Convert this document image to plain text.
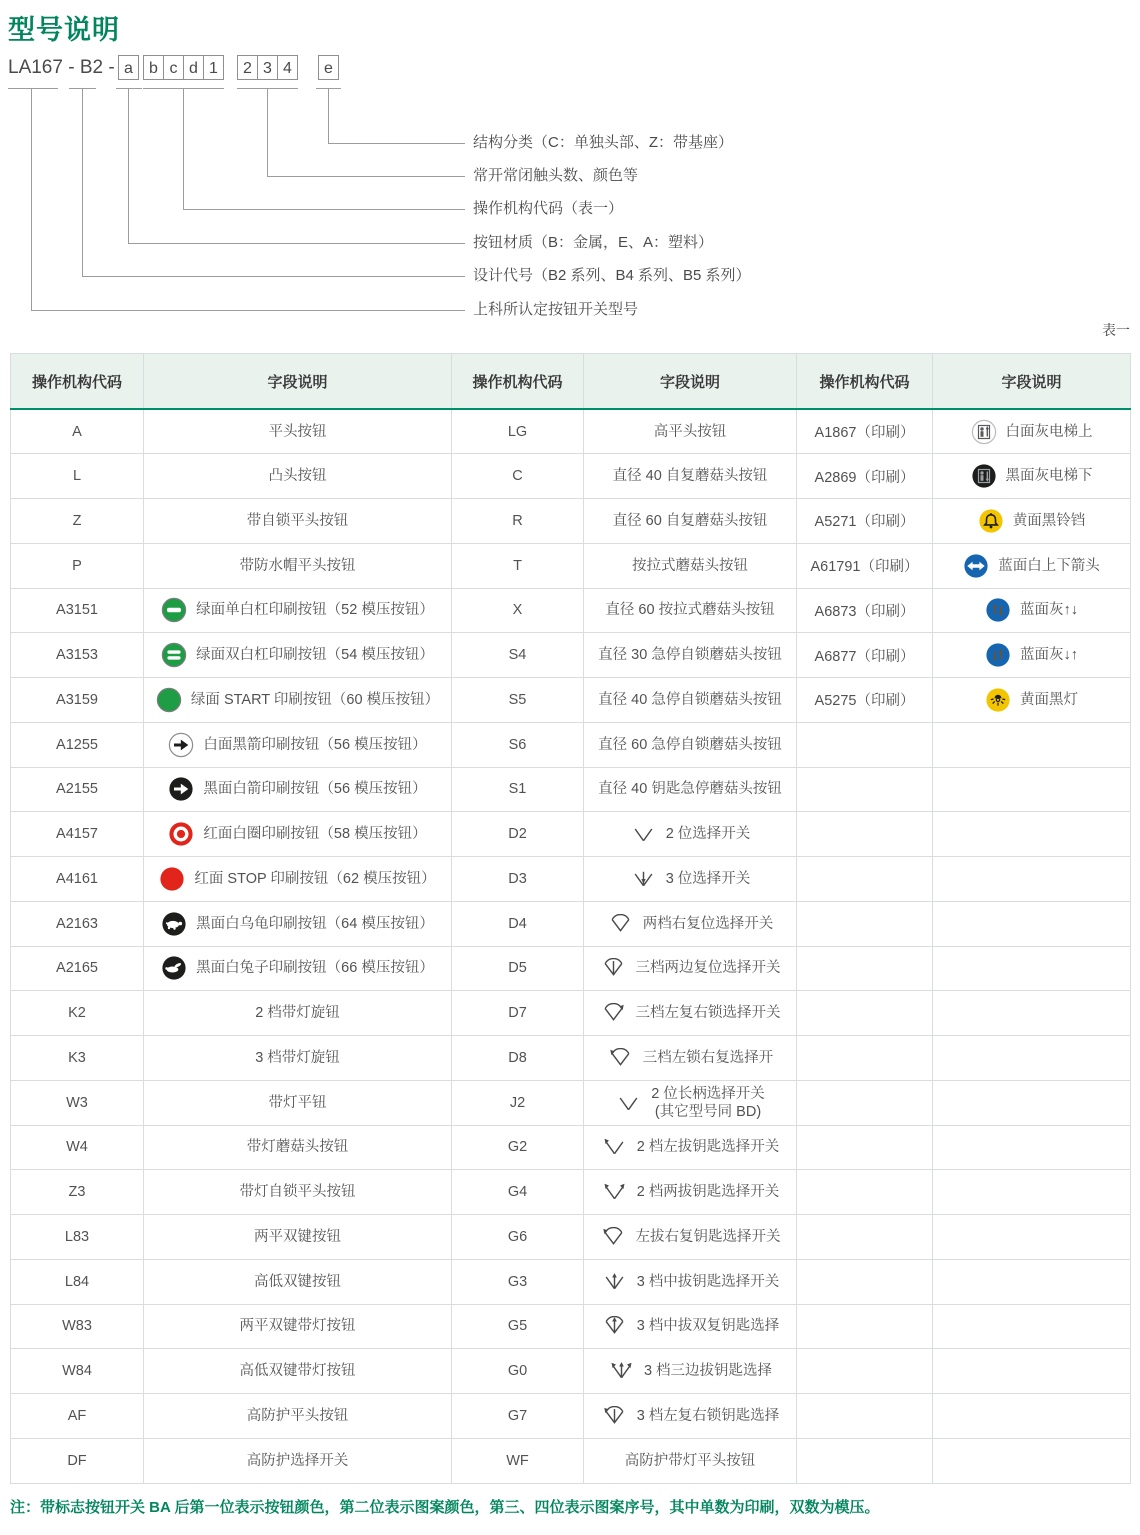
型号说明
LA167 - B2 - a	b c d 1	2 3 4	e
结构分类（C：单独头部、Z：带基座）
常开常闭触头数、颜色等
操作机构代码（表一）
按钮材质（B：金属，E、A：塑料）
设计代号（B2 系列、B4 系列、B5 系列）
上科所认定按钮开关型号
表一
操作机构代码	字段说明	操作机构代码	字段说明	操作机构代码	字段说明
A	平头按钮	LG	高平头按钮	A1867（印刷）	白面灰电梯上

L	凸头按钮	C	直径 40 自复蘑菇头按钮	A2869（印刷）	黑面灰电梯下

Z	带自锁平头按钮	R	直径 60 自复蘑菇头按钮	A5271（印刷）	黄面黑铃铛

P	带防水帽平头按钮	T	按拉式蘑菇头按钮	A61791（印刷）	蓝面白上下箭头

A3151	绿面单白杠印刷按钮（52 模压按钮）	X	直径 60 按拉式蘑菇头按钮	A6873（印刷）	蓝面灰↑↓

A3153	绿面双白杠印刷按钮（54 模压按钮）	S4	直径 30 急停自锁蘑菇头按钮	A6877（印刷）	蓝面灰↓↑

A3159	绿面 START 印刷按钮（60 模压按钮）	S5	直径 40 急停自锁蘑菇头按钮	A5275（印刷）	黄面黑灯

A1255	白面黑箭印刷按钮（56 模压按钮）	S6	直径 60 急停自锁蘑菇头按钮		

A2155	黑面白箭印刷按钮（56 模压按钮）	S1	直径 40 钥匙急停蘑菇头按钮		

A4157	红面白圈印刷按钮（58 模压按钮）	D2	2 位选择开关		

A4161	红面 STOP 印刷按钮（62 模压按钮）	D3	3 位选择开关		

A2163	黑面白乌龟印刷按钮（64 模压按钮）	D4	两档右复位选择开关		

A2165	黑面白兔子印刷按钮（66 模压按钮）	D5	三档两边复位选择开关		

K2	2 档带灯旋钮	D7	三档左复右锁选择开关		

K3	3 档带灯旋钮	D8	三档左锁右复选择开		

W3	带灯平钮	J2	2 位长柄选择开关
(其它型号同 BD)		

W4	带灯蘑菇头按钮	G2	2 档左拔钥匙选择开关		

Z3	带灯自锁平头按钮	G4	2 档两拔钥匙选择开关		

L83	两平双键按钮	G6	左拔右复钥匙选择开关		

L84	高低双键按钮	G3	3 档中拔钥匙选择开关		

W83	两平双键带灯按钮	G5	3 档中拔双复钥匙选择		

W84	高低双键带灯按钮	G0	3 档三边拔钥匙选择		

AF	高防护平头按钮	G7	3 档左复右锁钥匙选择		

DF	高防护选择开关	WF	高防护带灯平头按钮		

注：带标志按钮开关 BA 后第一位表示按钮颜色，第二位表示图案颜色，第三、四位表示图案序号，其中单数为印刷，双数为模压。
